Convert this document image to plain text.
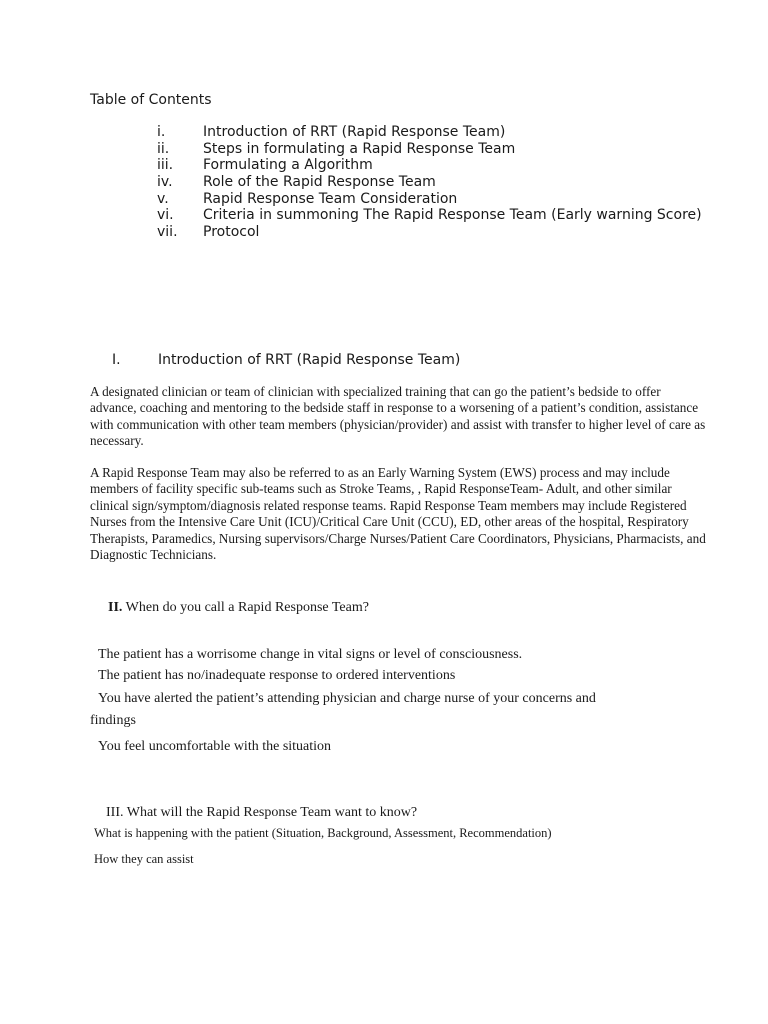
Table of Contents
i.	Introduction of RRT (Rapid Response Team)
ii.	Steps in formulating a Rapid Response Team
iii.	Formulating a Algorithm
iv.	Role of the Rapid Response Team
v.	Rapid Response Team Consideration
vi.	Criteria in summoning The Rapid Response Team (Early warning Score)
vii.	Protocol
I.	Introduction of RRT (Rapid Response Team)

A designated clinician or team of clinician with specialized training that can go the patient’s bedside to offer advance, coaching and mentoring to the bedside staff in response to a worsening of a patient’s condition, assistance with communication with other team members (physician/provider) and assist with transfer to higher level of care as necessary.

A Rapid Response Team may also be referred to as an Early Warning System (EWS) process and may include members of facility specific sub-teams such as Stroke Teams, , Rapid ResponseTeam- Adult, and other similar clinical sign/symptom/diagnosis related response teams. Rapid Response Team members may include Registered Nurses from the Intensive Care Unit (ICU)/Critical Care Unit (CCU), ED, other areas of the hospital, Respiratory Therapists, Paramedics, Nursing supervisors/Charge Nurses/Patient Care Coordinators, Physicians, Pharmacists, and Diagnostic Technicians.

II. When do you call a Rapid Response Team?
The patient has a worrisome change in vital signs or level of consciousness.
The patient has no/inadequate response to ordered interventions
You have alerted the patient’s attending physician and charge nurse of your concerns and
findings
You feel uncomfortable with the situation
III. What will the Rapid Response Team want to know?
What is happening with the patient (Situation, Background, Assessment, Recommendation)
How they can assist
